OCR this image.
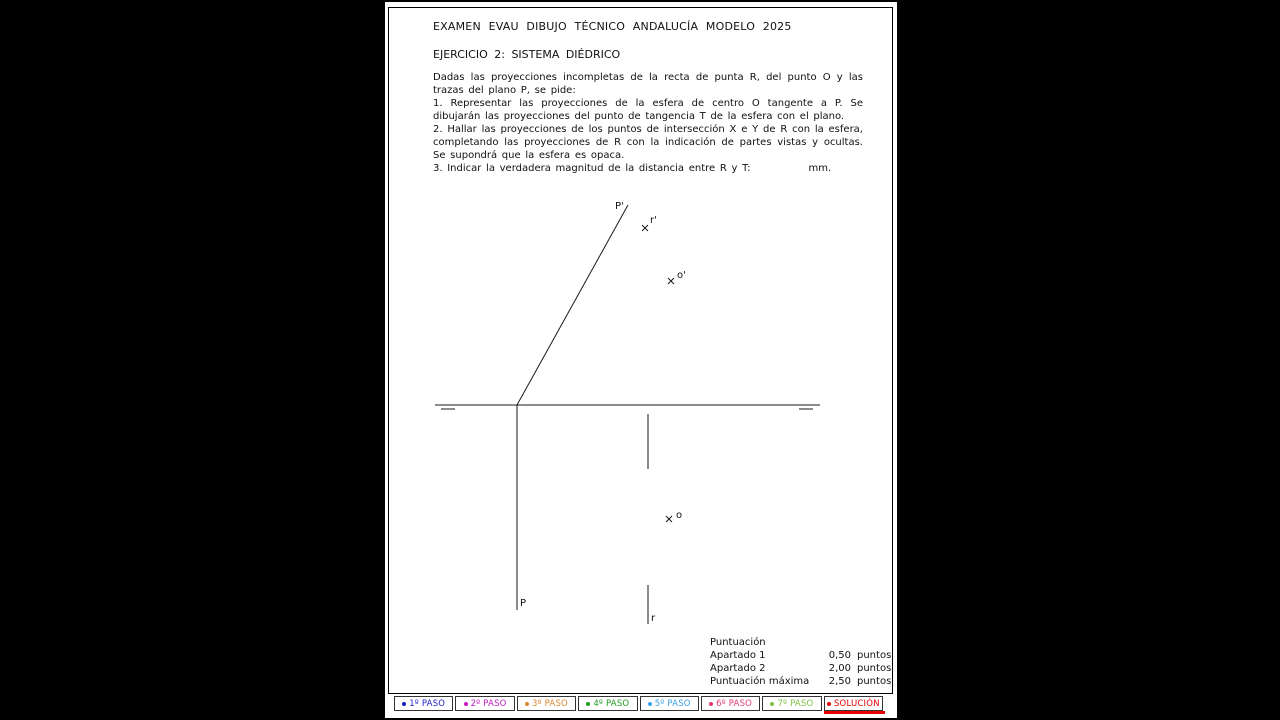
EXAMEN EVAU DIBUJO TÉCNICO ANDALUCÍA MODELO 2025
EJERCICIO 2: SISTEMA DIÉDRICO

Dadas las proyecciones incompletas de la recta de punta R, del punto O y las trazas del plano P, se pide:

1. Representar las proyecciones de la esfera de centro O tangente a P. Se dibujarán las proyecciones del punto de tangencia T de la esfera con el plano.

2. Hallar las proyecciones de los puntos de intersección X e Y de R con la esfera, completando las proyecciones de R con la indicación de partes vistas y ocultas. Se supondrá que la esfera es opaca.

3. Indicar la verdadera magnitud de la distancia entre R y T:	mm.

P'
r'
o'
o
P
r
Puntuación
Apartado 1	0,50 puntos
Apartado 2	2,00 puntos
Puntuación máxima	2,50 puntos
1º PASO	2º PASO	3º PASO	4º PASO	5º PASO	6º PASO	7º PASO SOLUCIÓN
